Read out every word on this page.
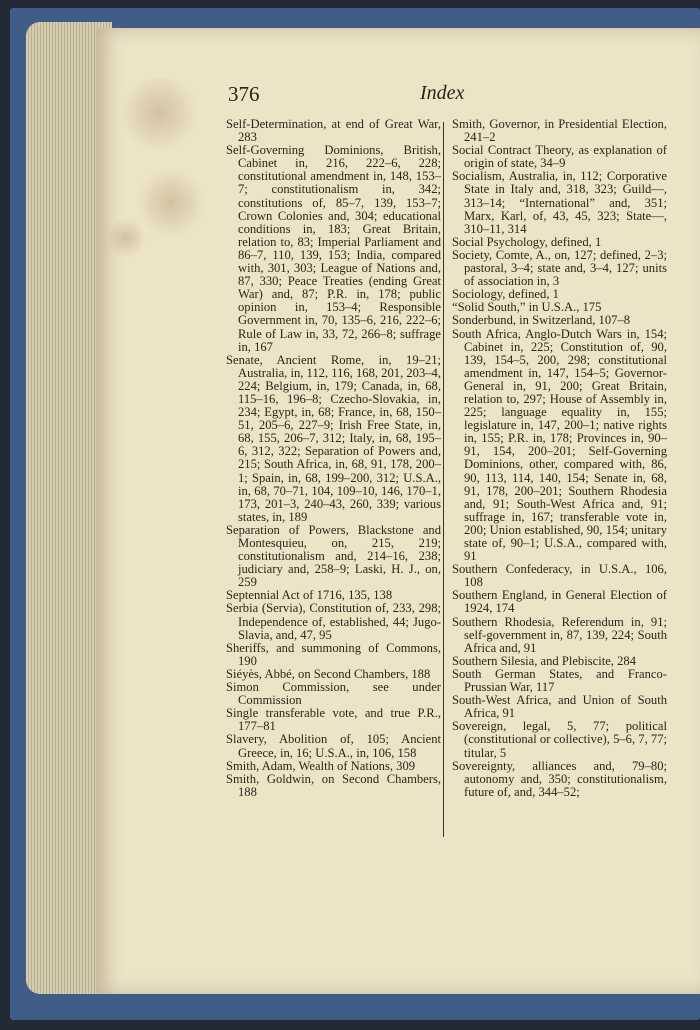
376	Index

Self-Determination, at end of Great War, 283

Self-Governing Dominions, British, Cabinet in, 216, 222–6, 228; constitutional amendment in, 148, 153–7; constitutionalism in, 342; constitutions of, 85–7, 139, 153–7; Crown Colonies and, 304; educational conditions in, 183; Great Britain, relation to, 83; Imperial Parliament and 86–7, 110, 139, 153; India, compared with, 301, 303; League of Nations and, 87, 330; Peace Treaties (ending Great War) and, 87; P.R. in, 178; public opinion in, 153–4; Responsible Government in, 70, 135–6, 216, 222–6; Rule of Law in, 33, 72, 266–8; suffrage in, 167

Senate, Ancient Rome, in, 19–21; Australia, in, 112, 116, 168, 201, 203–4, 224; Belgium, in, 179; Canada, in, 68, 115–16, 196–8; Czecho-Slovakia, in, 234; Egypt, in, 68; France, in, 68, 150–51, 205–6, 227–9; Irish Free State, in, 68, 155, 206–7, 312; Italy, in, 68, 195–6, 312, 322; Separation of Powers and, 215; South Africa, in, 68, 91, 178, 200–1; Spain, in, 68, 199–200, 312; U.S.A., in, 68, 70–71, 104, 109–10, 146, 170–1, 173, 201–3, 240–43, 260, 339; various states, in, 189

Separation of Powers, Blackstone and Montesquieu, on, 215, 219; constitutionalism and, 214–16, 238; judiciary and, 258–9; Laski, H. J., on, 259

Septennial Act of 1716, 135, 138

Serbia (Servia), Constitution of, 233, 298; Independence of, established, 44; Jugo-Slavia, and, 47, 95

Sheriffs, and summoning of Commons, 190

Siéyès, Abbé, on Second Chambers, 188

Simon Commission, see under Commission

Single transferable vote, and true P.R., 177–81

Slavery, Abolition of, 105; Ancient Greece, in, 16; U.S.A., in, 106, 158

Smith, Adam, Wealth of Nations, 309

Smith, Goldwin, on Second Chambers, 188

Smith, Governor, in Presidential Election, 241–2

Social Contract Theory, as explanation of origin of state, 34–9

Socialism, Australia, in, 112; Corporative State in Italy and, 318, 323; Guild—, 313–14; “International” and, 351; Marx, Karl, of, 43, 45, 323; State—, 310–11, 314

Social Psychology, defined, 1

Society, Comte, A., on, 127; defined, 2–3; pastoral, 3–4; state and, 3–4, 127; units of association in, 3

Sociology, defined, 1

“Solid South,” in U.S.A., 175

Sonderbund, in Switzerland, 107–8

South Africa, Anglo-Dutch Wars in, 154; Cabinet in, 225; Constitution of, 90, 139, 154–5, 200, 298; constitutional amendment in, 147, 154–5; Governor-General in, 91, 200; Great Britain, relation to, 297; House of Assembly in, 225; language equality in, 155; legislature in, 147, 200–1; native rights in, 155; P.R. in, 178; Provinces in, 90–91, 154, 200–201; Self-Governing Dominions, other, compared with, 86, 90, 113, 114, 140, 154; Senate in, 68, 91, 178, 200–201; Southern Rhodesia and, 91; South-West Africa and, 91; suffrage in, 167; transferable vote in, 200; Union established, 90, 154; unitary state of, 90–1; U.S.A., compared with, 91

Southern Confederacy, in U.S.A., 106, 108

Southern England, in General Election of 1924, 174

Southern Rhodesia, Referendum in, 91; self-government in, 87, 139, 224; South Africa and, 91

Southern Silesia, and Plebiscite, 284

South German States, and Franco-Prussian War, 117

South-West Africa, and Union of South Africa, 91

Sovereign, legal, 5, 77; political (constitutional or collective), 5–6, 7, 77; titular, 5

Sovereignty, alliances and, 79–80; autonomy and, 350; constitutionalism, future of, and, 344–52;
